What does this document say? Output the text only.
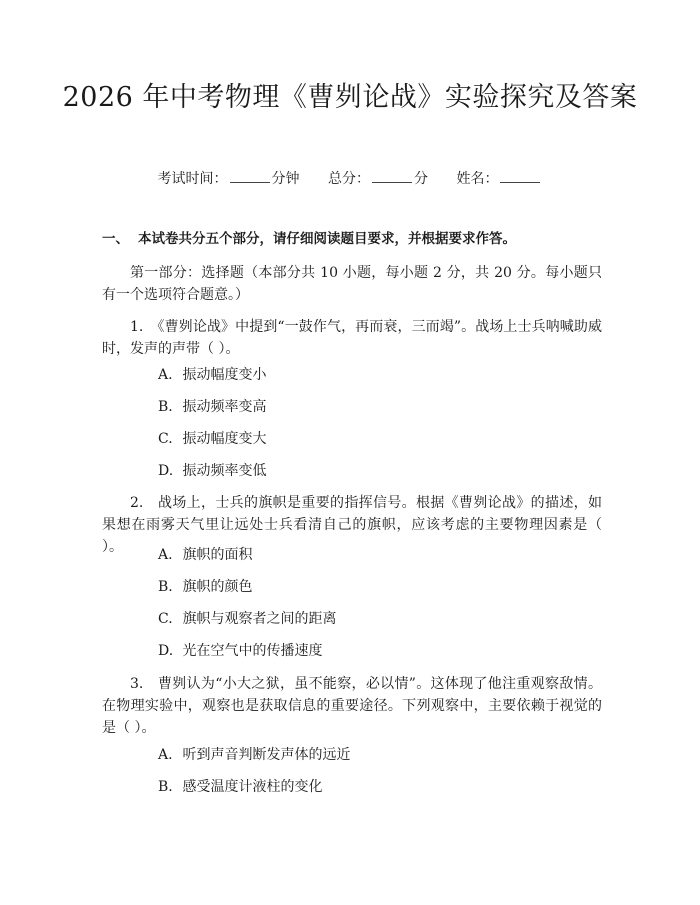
2026 年中考物理《曹刿论战》实验探究及答案
考试时间：	分钟 总分：	分 姓名：
一、 本试卷共分五个部分，请仔细阅读题目要求，并根据要求作答。
第一部分：选择题（本部分共 10 小题，每小题 2 分，共 20 分。每小题只有一个选项符合题意。）
1.　《曹刿论战》中提到“一鼓作气，再而衰，三而竭”。战场上士兵呐喊助威时，发声的声带（ ）。
A. 振动幅度变小
B. 振动频率变高
C. 振动幅度变大
D. 振动频率变低
2.　战场上，士兵的旗帜是重要的指挥信号。根据《曹刿论战》的描述，如果想在雨雾天气里让远处士兵看清自己的旗帜，应该考虑的主要物理因素是（ ）。	A. 旗帜的面积
B. 旗帜的颜色
C. 旗帜与观察者之间的距离
D. 光在空气中的传播速度
3.　曹刿认为“小大之狱，虽不能察，必以情”。这体现了他注重观察敌情。在物理实验中，观察也是获取信息的重要途径。下列观察中，主要依赖于视觉的是（ ）。
A. 听到声音判断发声体的远近
B. 感受温度计液柱的变化
